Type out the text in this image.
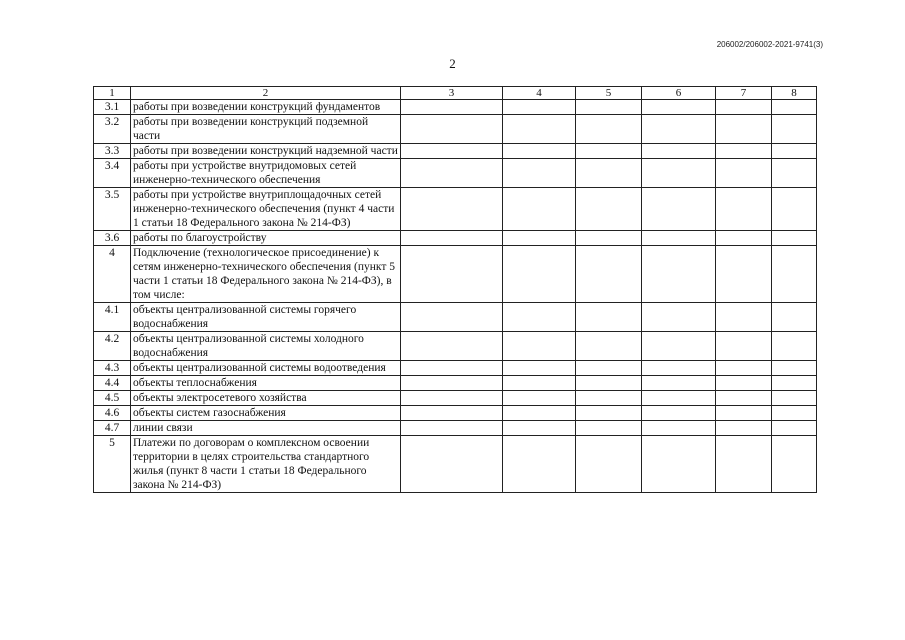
206002/206002-2021-9741(3)
2
1	2	3	4	5	6	7	8
3.1	работы при возведении конструкций фундаментов						
3.2	работы при возведении конструкций подземной части						
3.3	работы при возведении конструкций надземной части						
3.4	работы при устройстве внутридомовых сетей инженерно-технического обеспечения						
3.5	работы при устройстве внутриплощадочных сетей инженерно-технического обеспечения (пункт 4 части 1 статьи 18 Федерального закона № 214-ФЗ)						
3.6	работы по благоустройству						
4	Подключение (технологическое присоединение) к сетям инженерно-технического обеспечения (пункт 5 части 1 статьи 18 Федерального закона № 214-ФЗ), в том числе:						
4.1	объекты централизованной системы горячего водоснабжения						
4.2	объекты централизованной системы холодного водоснабжения						
4.3	объекты централизованной системы водоотведения						
4.4	объекты теплоснабжения						
4.5	объекты электросетевого хозяйства						
4.6	объекты систем газоснабжения						
4.7	линии связи						
5	Платежи по договорам о комплексном освоении территории в целях строительства стандартного жилья (пункт 8 части 1 статьи 18 Федерального закона № 214-ФЗ)						
